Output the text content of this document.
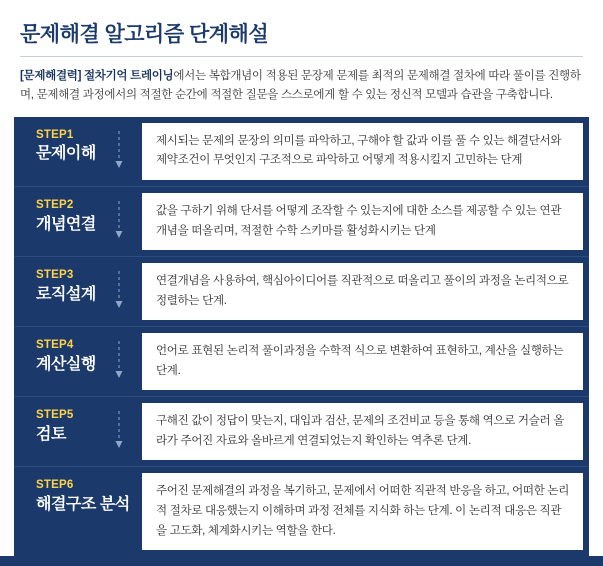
문제해결 알고리즘 단계해설

[문제해결력] 절차기억 트레이닝에서는 복합개념이 적용된 문장제 문제를 최적의 문제해결 절차에 따라 풀이를 진행하며, 문제해결 과정에서의 적절한 순간에 적절한 질문을 스스로에게 할 수 있는 정신적 모델과 습관을 구축합니다.

STEP1
문제이해
제시되는 문제의 문장의 의미를 파악하고, 구해야 할 값과 이를 풀 수 있는 해결단서와 제약조건이 무엇인지 구조적으로 파악하고 어떻게 적용시킬지 고민하는 단계
STEP2
개념연결
값을 구하기 위해 단서를 어떻게 조작할 수 있는지에 대한 소스를 제공할 수 있는 연관개념을 떠올리며, 적절한 수학 스키마를 활성화시키는 단계
STEP3
로직설계
연결개념을 사용하여, 핵심아이디어를 직관적으로 떠올리고 풀이의 과정을 논리적으로 정렬하는 단계.
STEP4
계산실행
언어로 표현된 논리적 풀이과정을 수학적 식으로 변환하여 표현하고, 계산을 실행하는 단계.
STEP5
검토
구해진 값이 정답이 맞는지, 대입과 검산, 문제의 조건비교 등을 통해 역으로 거슬러 올라가 주어진 자료와 올바르게 연결되었는지 확인하는 역추론 단계.
STEP6
해결구조 분석
주어진 문제해결의 과정을 복기하고, 문제에서 어떠한 직관적 반응을 하고, 어떠한 논리적 절차로 대응했는지 이해하며 과정 전체를 지식화 하는 단계. 이 논리적 대응은 직관을 고도화, 체계화시키는 역할을 한다.
